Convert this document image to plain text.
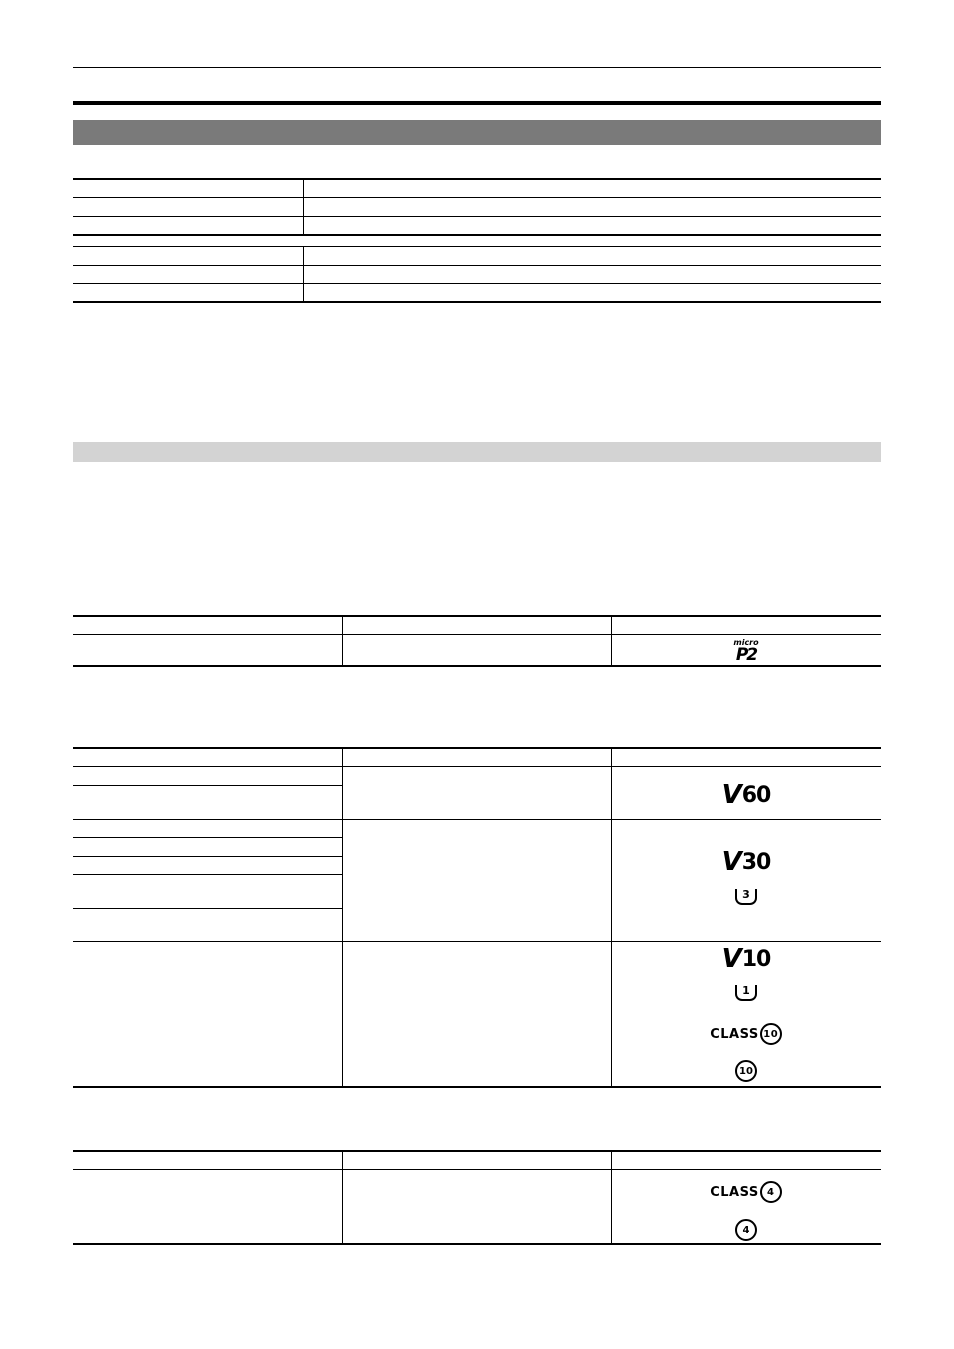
micro
P2
V 60
V 30
3
V 10
1
CLASS 10
10
CLASS 4
4
